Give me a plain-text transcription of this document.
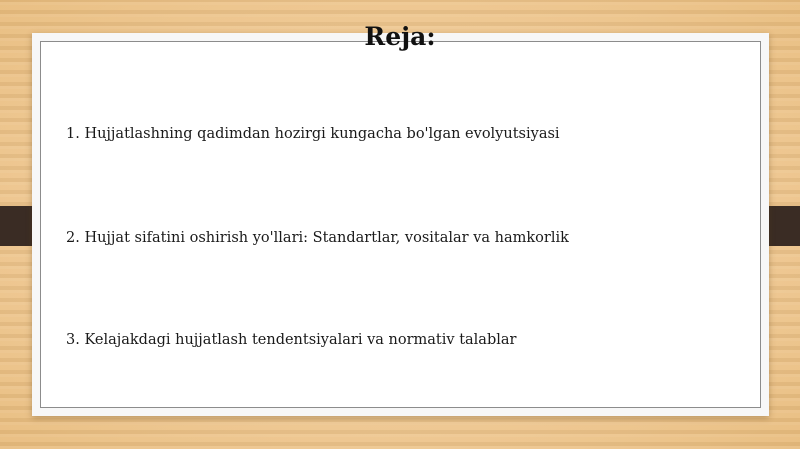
Reja:
1. Hujjatlashning qadimdan hozirgi kungacha bo'lgan evolyutsiyasi
2. Hujjat sifatini oshirish yo'llari: Standartlar, vositalar va hamkorlik
3. Kelajakdagi hujjatlash tendentsiyalari va normativ talablar
